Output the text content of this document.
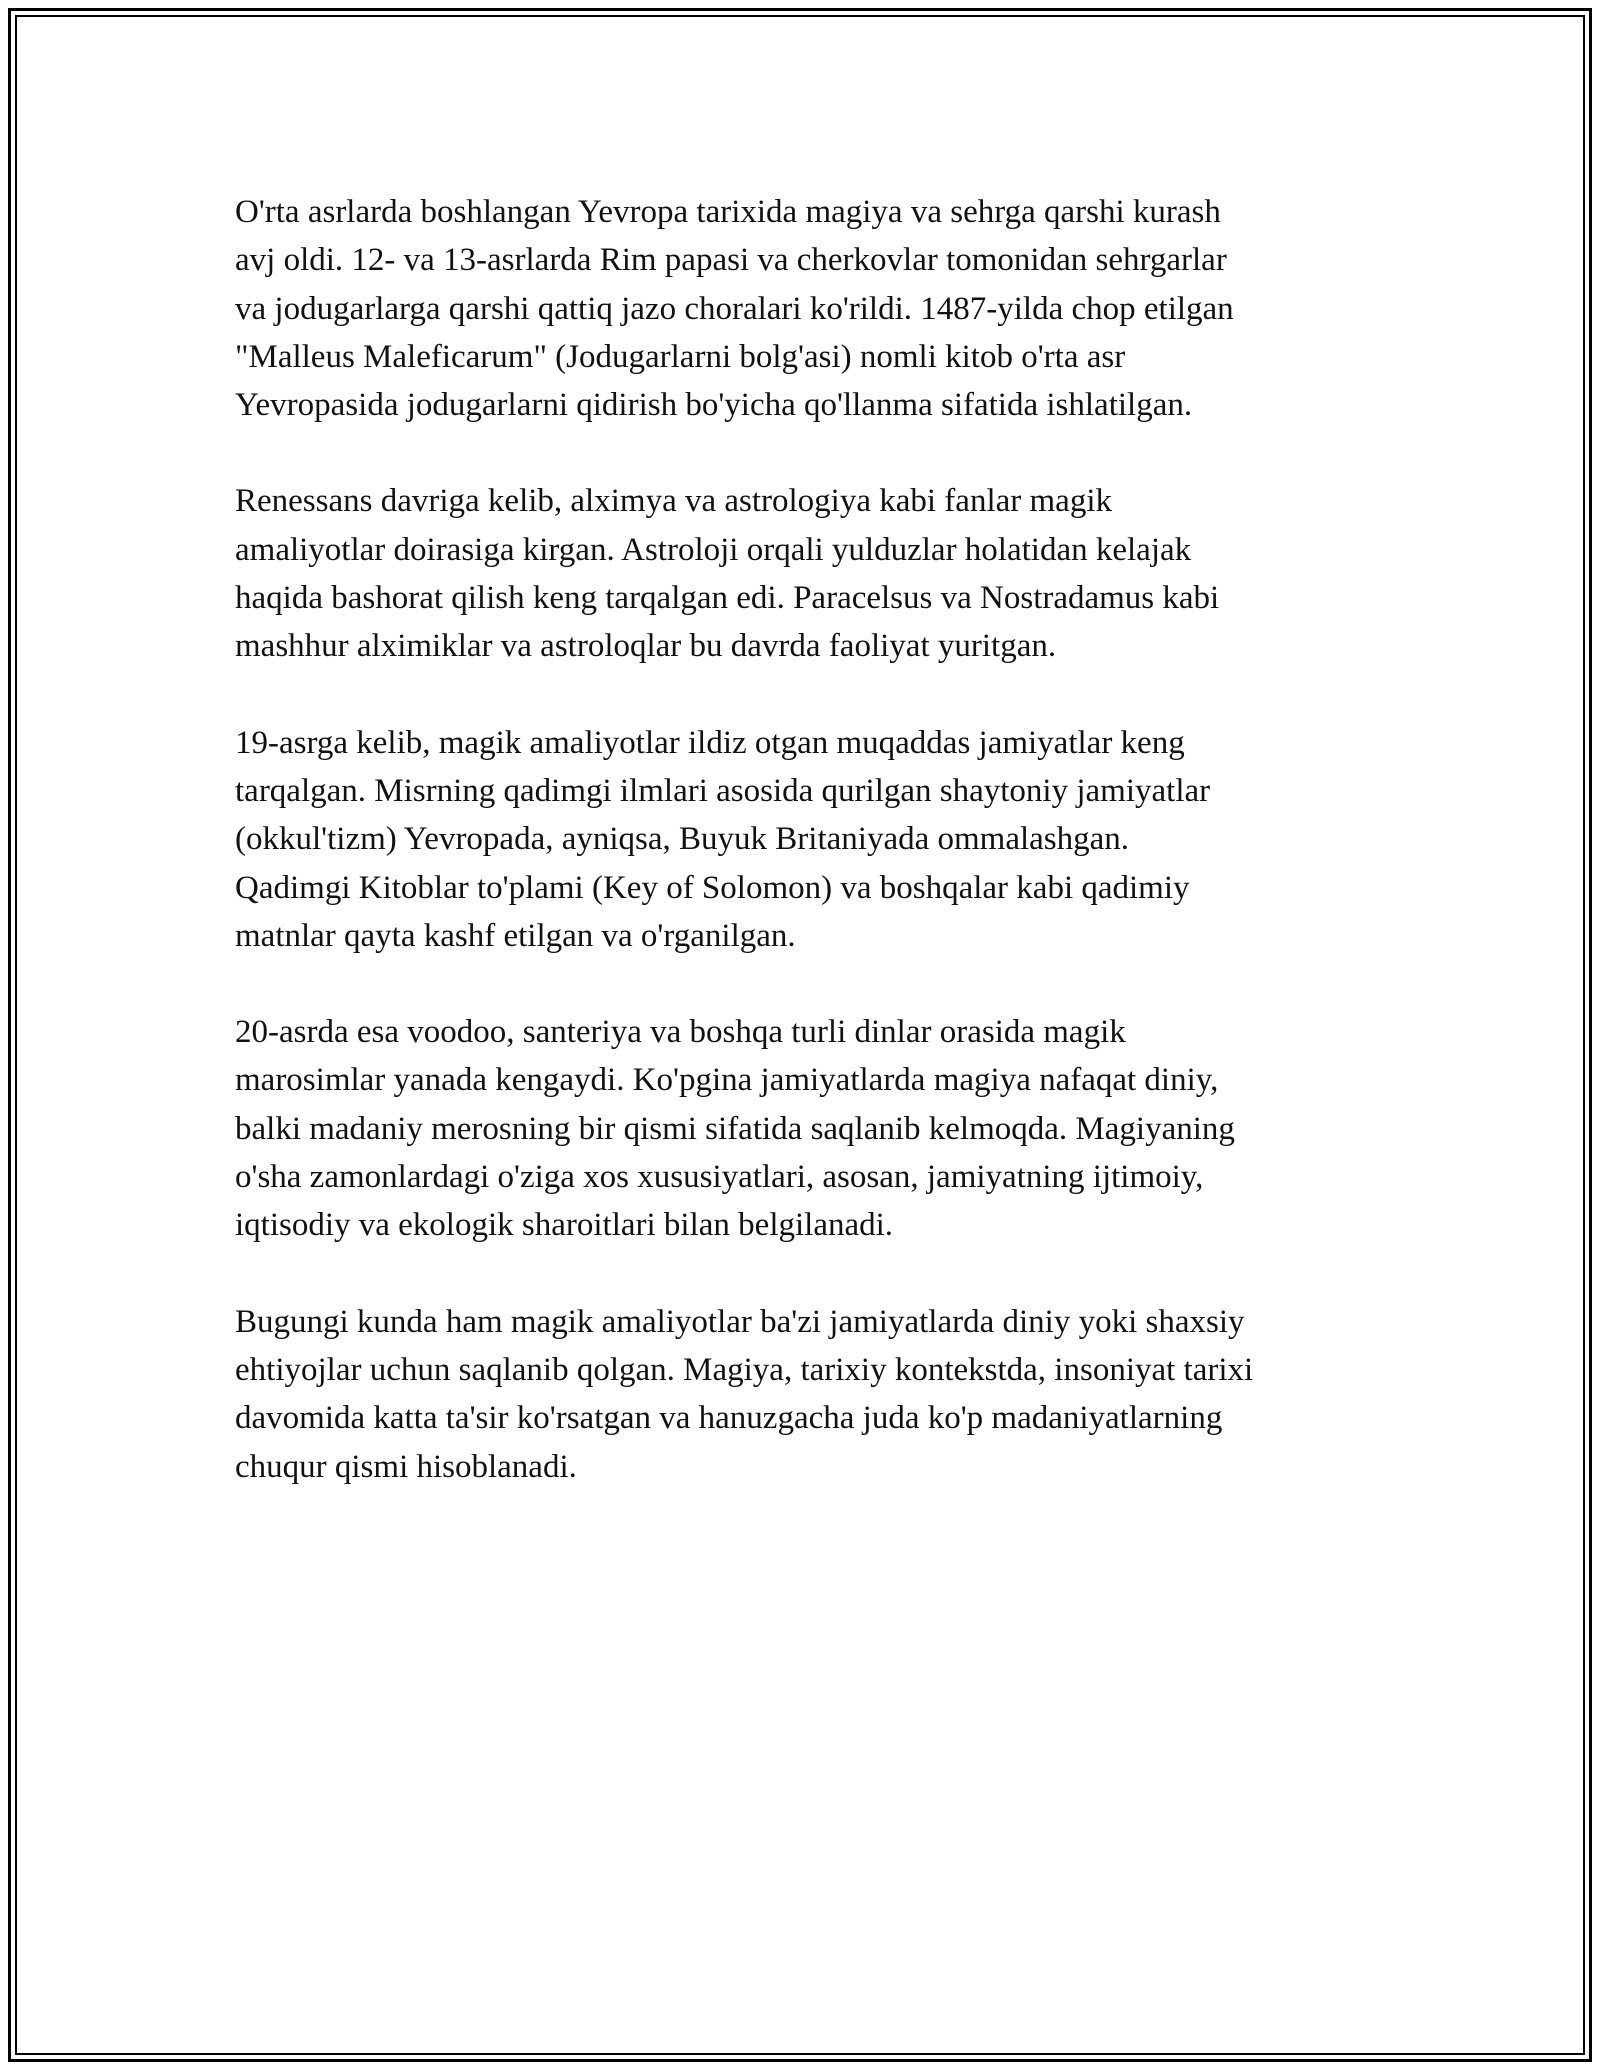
O'rta asrlarda boshlangan Yevropa tarixida magiya va sehrga qarshi kurash
avj oldi. 12- va 13-asrlarda Rim papasi va cherkovlar tomonidan sehrgarlar
va jodugarlarga qarshi qattiq jazo choralari ko'rildi. 1487-yilda chop etilgan
"Malleus Maleficarum" (Jodugarlarni bolg'asi) nomli kitob o'rta asr
Yevropasida jodugarlarni qidirish bo'yicha qo'llanma sifatida ishlatilgan.

Renessans davriga kelib, alximya va astrologiya kabi fanlar magik
amaliyotlar doirasiga kirgan. Astroloji orqali yulduzlar holatidan kelajak
haqida bashorat qilish keng tarqalgan edi. Paracelsus va Nostradamus kabi
mashhur alximiklar va astroloqlar bu davrda faoliyat yuritgan.

19-asrga kelib, magik amaliyotlar ildiz otgan muqaddas jamiyatlar keng
tarqalgan. Misrning qadimgi ilmlari asosida qurilgan shaytoniy jamiyatlar
(okkul'tizm) Yevropada, ayniqsa, Buyuk Britaniyada ommalashgan.
Qadimgi Kitoblar to'plami (Key of Solomon) va boshqalar kabi qadimiy
matnlar qayta kashf etilgan va o'rganilgan.

20-asrda esa voodoo, santeriya va boshqa turli dinlar orasida magik
marosimlar yanada kengaydi. Ko'pgina jamiyatlarda magiya nafaqat diniy,
balki madaniy merosning bir qismi sifatida saqlanib kelmoqda. Magiyaning
o'sha zamonlardagi o'ziga xos xususiyatlari, asosan, jamiyatning ijtimoiy,
iqtisodiy va ekologik sharoitlari bilan belgilanadi.

Bugungi kunda ham magik amaliyotlar ba'zi jamiyatlarda diniy yoki shaxsiy
ehtiyojlar uchun saqlanib qolgan. Magiya, tarixiy kontekstda, insoniyat tarixi
davomida katta ta'sir ko'rsatgan va hanuzgacha juda ko'p madaniyatlarning
chuqur qismi hisoblanadi.
